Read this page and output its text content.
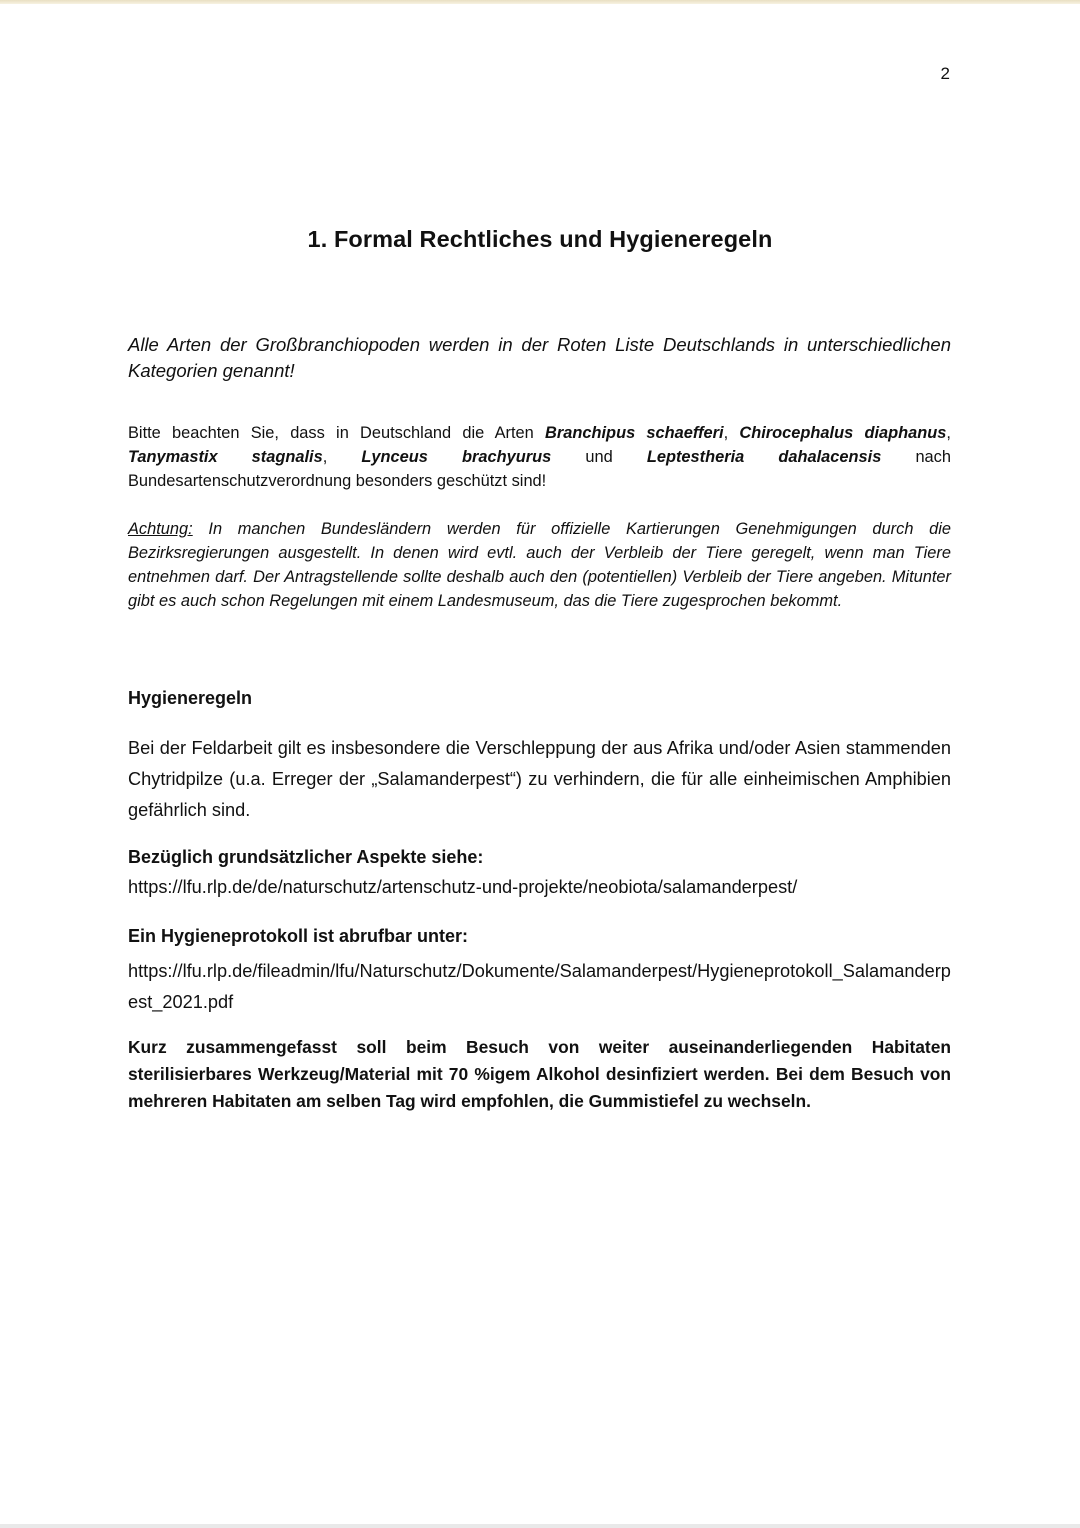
2
1. Formal Rechtliches und Hygieneregeln

Alle Arten der Großbranchiopoden werden in der Roten Liste Deutschlands in unterschiedlichen Kategorien genannt!

Bitte beachten Sie, dass in Deutschland die Arten Branchipus schaefferi, Chirocephalus diaphanus, Tanymastix stagnalis, Lynceus brachyurus und Leptestheria dahalacensis nach Bundesartenschutzverordnung besonders geschützt sind!

Achtung: In manchen Bundesländern werden für offizielle Kartierungen Genehmigungen durch die Bezirksregierungen ausgestellt. In denen wird evtl. auch der Verbleib der Tiere geregelt, wenn man Tiere entnehmen darf. Der Antragstellende sollte deshalb auch den (potentiellen) Verbleib der Tiere angeben. Mitunter gibt es auch schon Regelungen mit einem Landesmuseum, das die Tiere zugesprochen bekommt.

Hygieneregeln

Bei der Feldarbeit gilt es insbesondere die Verschleppung der aus Afrika und/oder Asien stammenden Chytridpilze (u.a. Erreger der „Salamanderpest“) zu verhindern, die für alle einheimischen Amphibien gefährlich sind.

Bezüglich grundsätzlicher Aspekte siehe:
https://lfu.rlp.de/de/naturschutz/artenschutz-und-projekte/neobiota/salamanderpest/
Ein Hygieneprotokoll ist abrufbar unter:
https://lfu.rlp.de/fileadmin/lfu/Naturschutz/Dokumente/Salamanderpest/Hygieneprotokoll_Salamanderpest_2021.pdf

Kurz zusammengefasst soll beim Besuch von weiter auseinanderliegenden Habitaten sterilisierbares Werkzeug/Material mit 70 %igem Alkohol desinfiziert werden. Bei dem Besuch von mehreren Habitaten am selben Tag wird empfohlen, die Gummistiefel zu wechseln.
